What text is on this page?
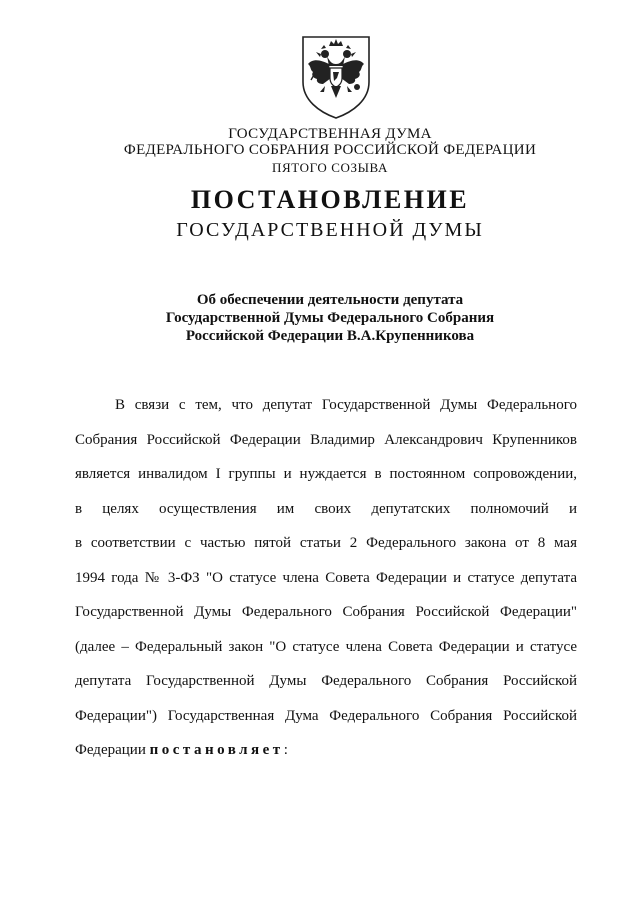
ГОСУДАРСТВЕННАЯ ДУМА
ФЕДЕРАЛЬНОГО СОБРАНИЯ РОССИЙСКОЙ ФЕДЕРАЦИИ
ПЯТОГО СОЗЫВА
ПОСТАНОВЛЕНИЕ
ГОСУДАРСТВЕННОЙ ДУМЫ
Об обеспечении деятельности депутата
Государственной Думы Федерального Собрания
Российской Федерации В.А.Крупенникова
В связи с тем, что депутат Государственной Думы Федерального
Собрания Российской Федерации Владимир Александрович Крупенников
является инвалидом I группы и нуждается в постоянном сопровождении,
в целях осуществления им своих депутатских полномочий и
в соответствии с частью пятой статьи 2 Федерального закона от 8 мая
1994 года № 3-ФЗ "О статусе члена Совета Федерации и статусе депутата
Государственной Думы Федерального Собрания Российской Федерации"
(далее – Федеральный закон "О статусе члена Совета Федерации и статусе
депутата Государственной Думы Федерального Собрания Российской
Федерации") Государственная Дума Федерального Собрания Российской
Федерации постановляет:
